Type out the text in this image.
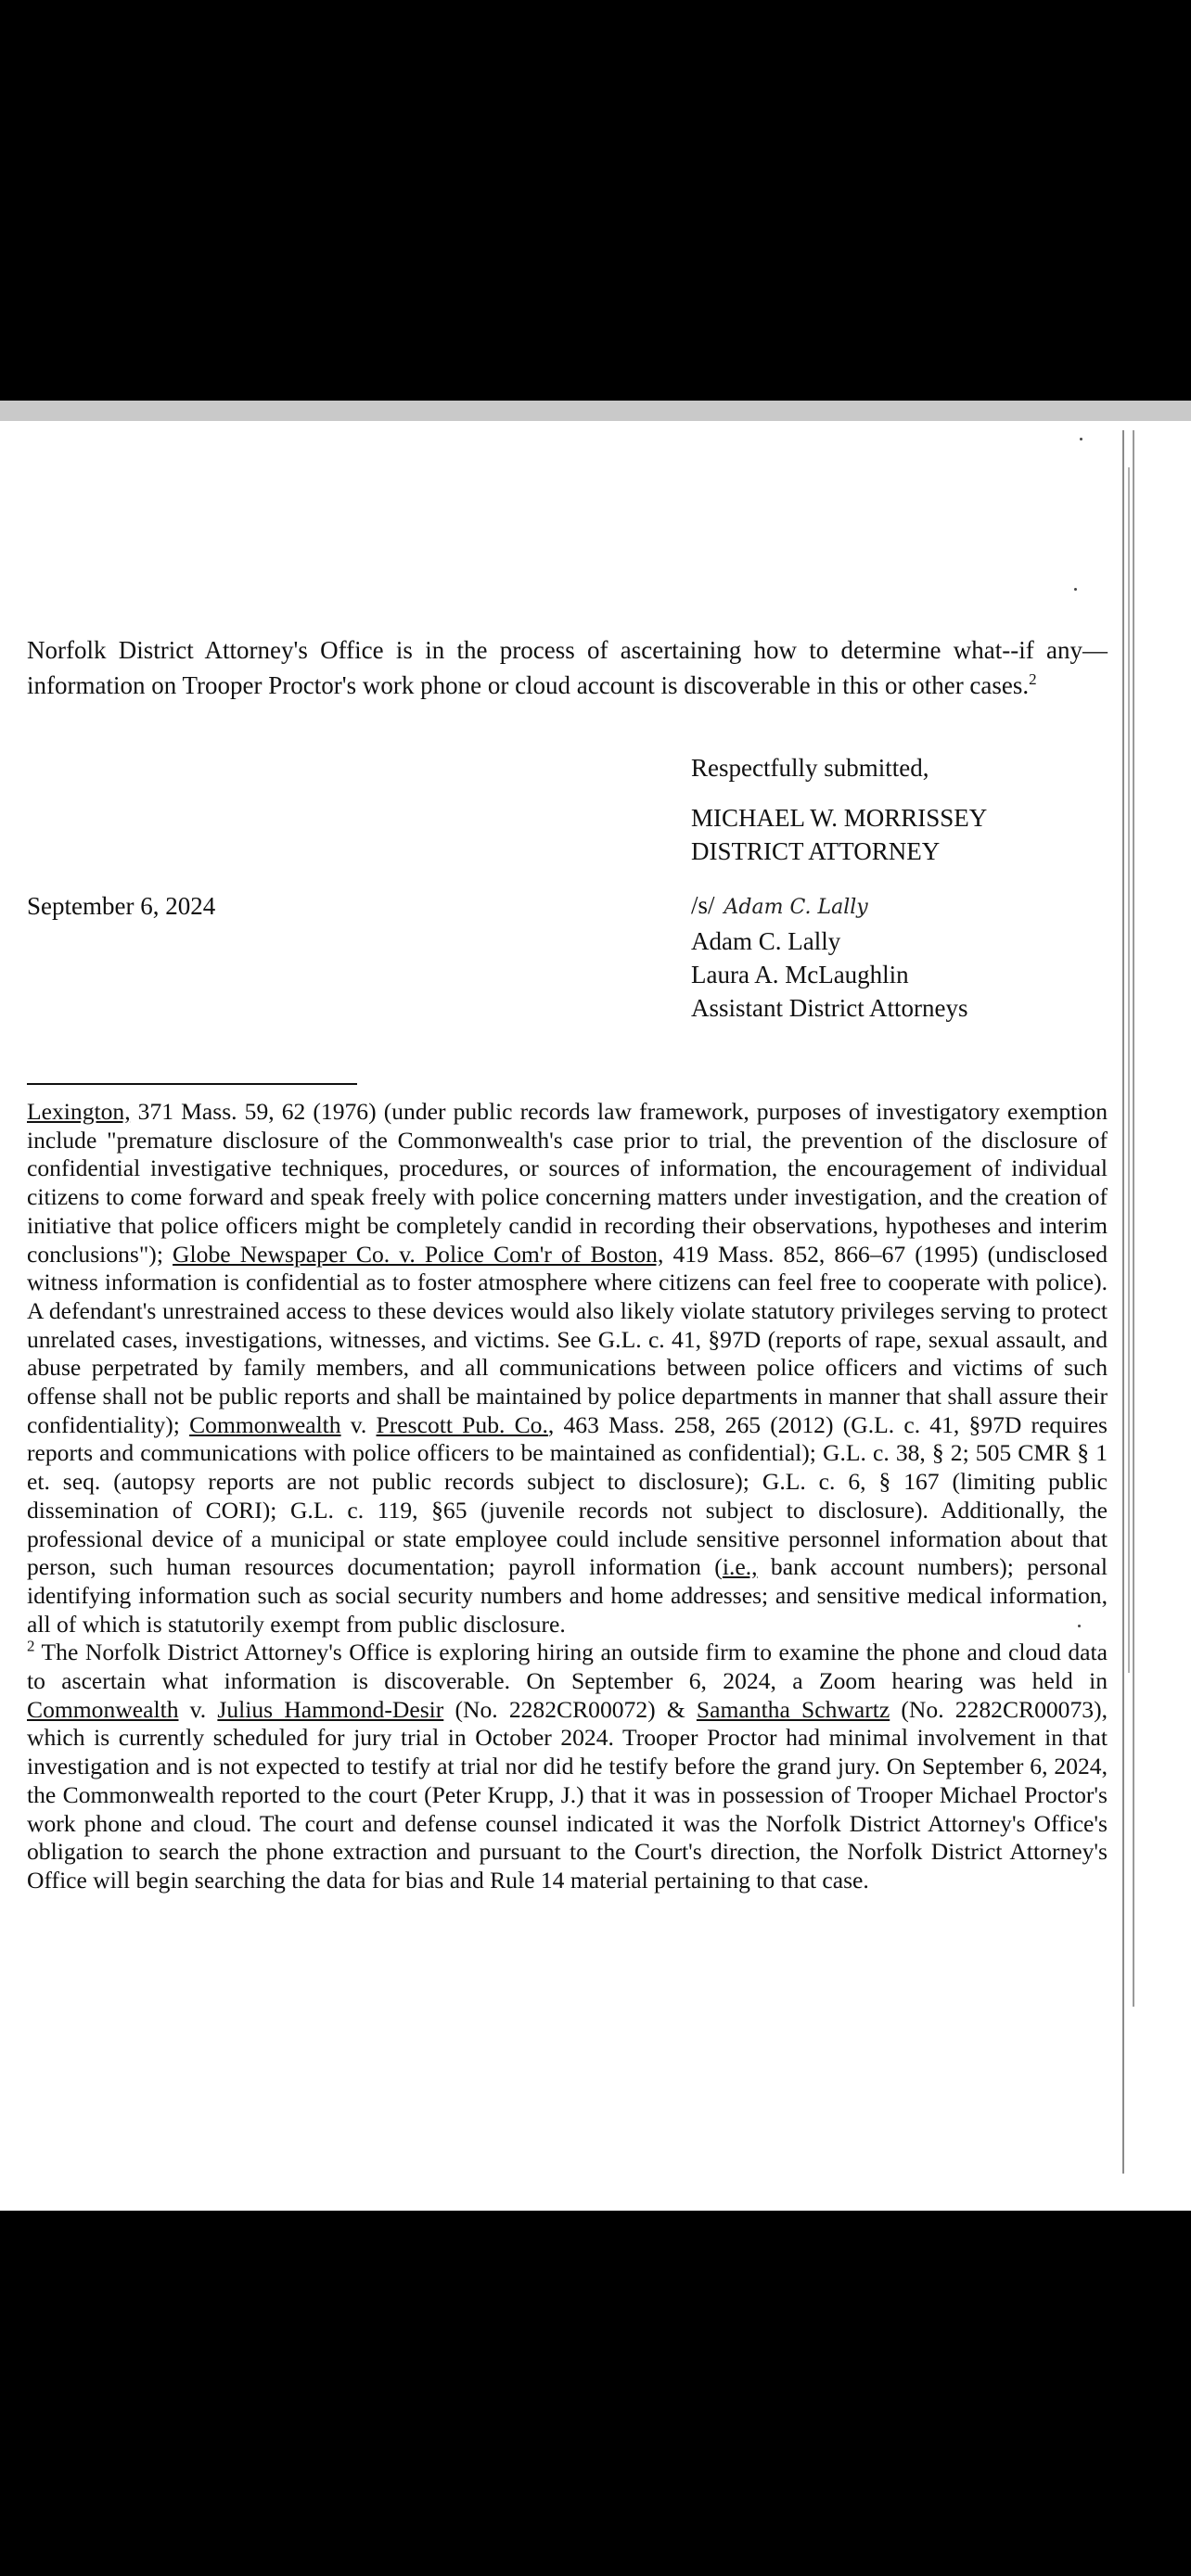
Norfolk District Attorney's Office is in the process of ascertaining how to determine what--if any—information on Trooper Proctor's work phone or cloud account is discoverable in this or other cases.$^2$
Respectfully submitted,
MICHAEL W. MORRISSEY
DISTRICT ATTORNEY
September 6, 2024	/s/ Adam C. Lally
Adam C. Lally
Laura A. McLaughlin
Assistant District Attorneys

Lexington, 371 Mass. 59, 62 (1976) (under public records law framework, purposes of investigatory exemption include "premature disclosure of the Commonwealth's case prior to trial, the prevention of the disclosure of confidential investigative techniques, procedures, or sources of information, the encouragement of individual citizens to come forward and speak freely with police concerning matters under investigation, and the creation of initiative that police officers might be completely candid in recording their observations, hypotheses and interim conclusions"); Globe Newspaper Co. v. Police Com'r of Boston, 419 Mass. 852, 866–67 (1995) (undisclosed witness information is confidential as to foster atmosphere where citizens can feel free to cooperate with police). A defendant's unrestrained access to these devices would also likely violate statutory privileges serving to protect unrelated cases, investigations, witnesses, and victims. See G.L. c. 41, §97D (reports of rape, sexual assault, and abuse perpetrated by family members, and all communications between police officers and victims of such offense shall not be public reports and shall be maintained by police departments in manner that shall assure their confidentiality); Commonwealth v. Prescott Pub. Co., 463 Mass. 258, 265 (2012) (G.L. c. 41, §97D requires reports and communications with police officers to be maintained as confidential); G.L. c. 38, § 2; 505 CMR § 1 et. seq. (autopsy reports are not public records subject to disclosure); G.L. c. 6, § 167 (limiting public dissemination of CORI); G.L. c. 119, §65 (juvenile records not subject to disclosure). Additionally, the professional device of a municipal or state employee could include sensitive personnel information about that person, such human resources documentation; payroll information (i.e., bank account numbers); personal identifying information such as social security numbers and home addresses; and sensitive medical information, all of which is statutorily exempt from public disclosure.

$^2$ The Norfolk District Attorney's Office is exploring hiring an outside firm to examine the phone and cloud data to ascertain what information is discoverable. On September 6, 2024, a Zoom hearing was held in Commonwealth v. Julius Hammond-Desir (No. 2282CR00072) & Samantha Schwartz (No. 2282CR00073), which is currently scheduled for jury trial in October 2024. Trooper Proctor had minimal involvement in that investigation and is not expected to testify at trial nor did he testify before the grand jury. On September 6, 2024, the Commonwealth reported to the court (Peter Krupp, J.) that it was in possession of Trooper Michael Proctor's work phone and cloud. The court and defense counsel indicated it was the Norfolk District Attorney's Office's obligation to search the phone extraction and pursuant to the Court's direction, the Norfolk District Attorney's Office will begin searching the data for bias and Rule 14 material pertaining to that case.
